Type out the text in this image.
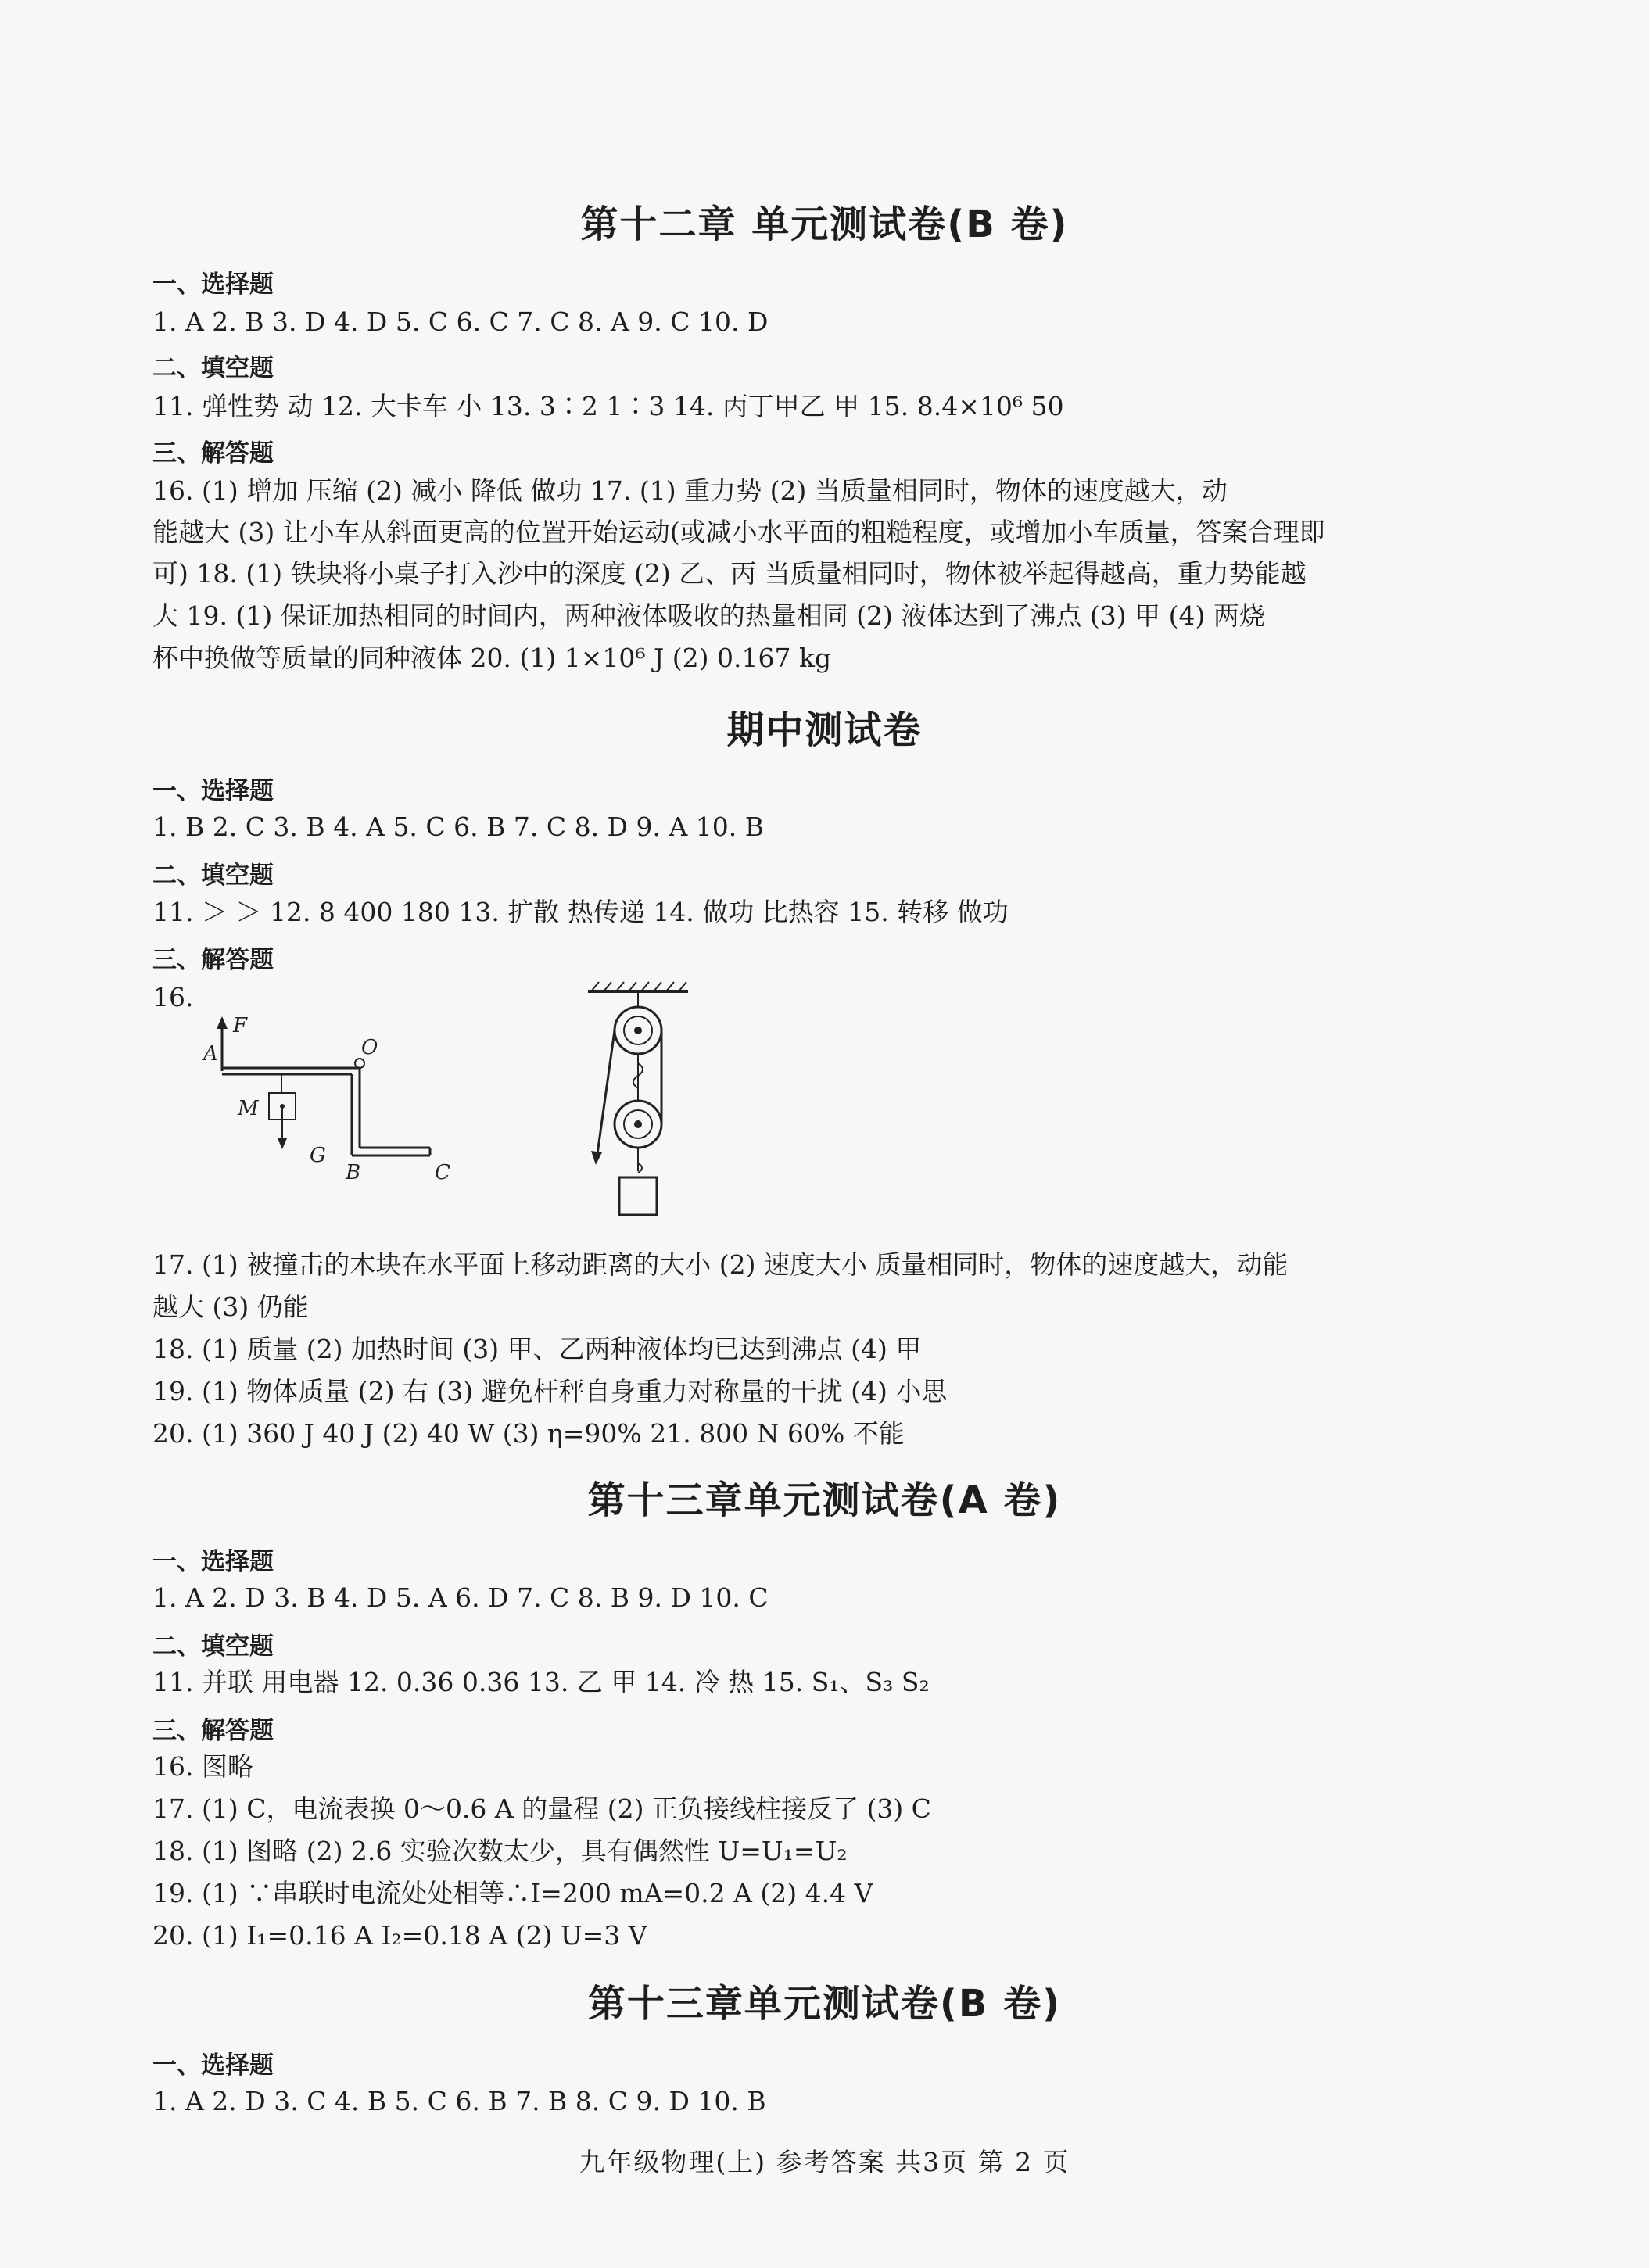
第十二章 单元测试卷(B 卷)
一、选择题
1. A 2. B 3. D 4. D 5. C 6. C 7. C 8. A 9. C 10. D
二、填空题
11. 弹性势 动 12. 大卡车 小 13. 3∶2 1∶3 14. 丙丁甲乙 甲 15. 8.4×10⁶ 50
三、解答题
16. (1) 增加 压缩 (2) 减小 降低 做功 17. (1) 重力势 (2) 当质量相同时，物体的速度越大，动
能越大 (3) 让小车从斜面更高的位置开始运动(或减小水平面的粗糙程度，或增加小车质量，答案合理即
可) 18. (1) 铁块将小桌子打入沙中的深度 (2) 乙、丙 当质量相同时，物体被举起得越高，重力势能越
大 19. (1) 保证加热相同的时间内，两种液体吸收的热量相同 (2) 液体达到了沸点 (3) 甲 (4) 两烧
杯中换做等质量的同种液体 20. (1) 1×10⁶ J (2) 0.167 kg
期中测试卷
一、选择题
1. B 2. C 3. B 4. A 5. C 6. B 7. C 8. D 9. A 10. B
二、填空题
11. ＞ ＞ 12. 8 400 180 13. 扩散 热传递 14. 做功 比热容 15. 转移 做功
三、解答题
16.
F
A	O
B	C
M
G
17. (1) 被撞击的木块在水平面上移动距离的大小 (2) 速度大小 质量相同时，物体的速度越大，动能
越大 (3) 仍能
18. (1) 质量 (2) 加热时间 (3) 甲、乙两种液体均已达到沸点 (4) 甲
19. (1) 物体质量 (2) 右 (3) 避免杆秤自身重力对称量的干扰 (4) 小思
20. (1) 360 J 40 J (2) 40 W (3) η=90% 21. 800 N 60% 不能
第十三章单元测试卷(A 卷)
一、选择题
1. A 2. D 3. B 4. D 5. A 6. D 7. C 8. B 9. D 10. C
二、填空题
11. 并联 用电器 12. 0.36 0.36 13. 乙 甲 14. 冷 热 15. S₁、S₃ S₂
三、解答题
16. 图略
17. (1) C，电流表换 0～0.6 A 的量程 (2) 正负接线柱接反了 (3) C
18. (1) 图略 (2) 2.6 实验次数太少，具有偶然性 U=U₁=U₂
19. (1) ∵串联时电流处处相等∴I=200 mA=0.2 A (2) 4.4 V
20. (1) I₁=0.16 A I₂=0.18 A (2) U=3 V
第十三章单元测试卷(B 卷)
一、选择题
1. A 2. D 3. C 4. B 5. C 6. B 7. B 8. C 9. D 10. B
九年级物理(上) 参考答案 共3页 第 2 页
